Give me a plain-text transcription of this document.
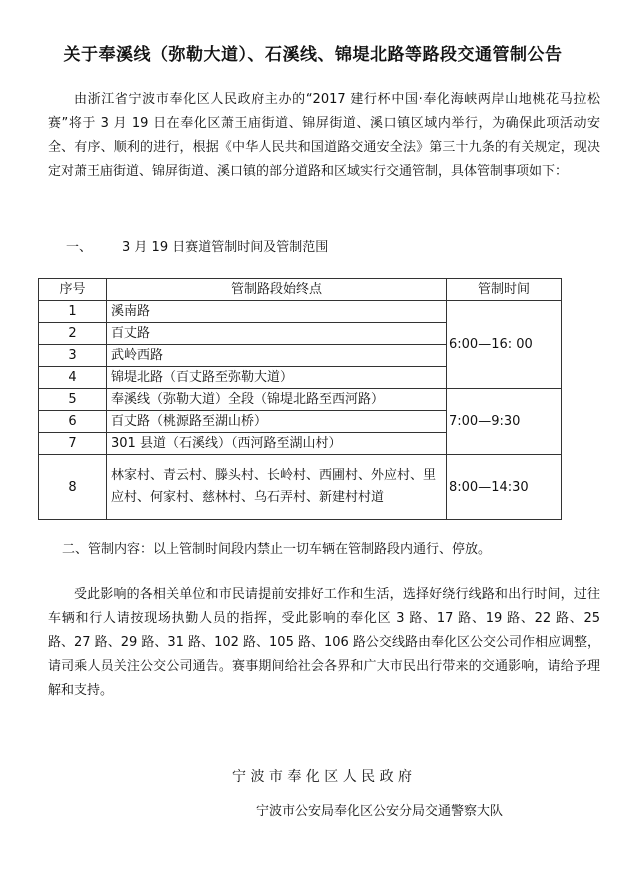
关于奉溪线（弥勒大道）、石溪线、锦堤北路等路段交通管制公告

由浙江省宁波市奉化区人民政府主办的“2017 建行杯中国·奉化海峡两岸山地桃花马拉松赛”将于 3 月 19 日在奉化区萧王庙街道、锦屏街道、溪口镇区域内举行，为确保此项活动安全、有序、顺利的进行，根据《中华人民共和国道路交通安全法》第三十九条的有关规定，现决定对萧王庙街道、锦屏街道、溪口镇的部分道路和区域实行交通管制，具体管制事项如下：

一、 3 月 19 日赛道管制时间及管制范围
序号	管制路段始终点	管制时间
1	溪南路	6:00—16: 00
2	百丈路	
3	武岭西路	
4	锦堤北路（百丈路至弥勒大道）	
5	奉溪线（弥勒大道）全段（锦堤北路至西河路）	7:00—9:30
6	百丈路（桃源路至湖山桥）	
7	301 县道（石溪线）（西河路至湖山村）	
8	林家村、青云村、滕头村、长岭村、西圃村、外应村、里应村、何家村、慈林村、乌石弄村、新建村村道	8:00—14:30
二、管制内容：以上管制时间段内禁止一切车辆在管制路段内通行、停放。

受此影响的各相关单位和市民请提前安排好工作和生活，选择好绕行线路和出行时间，过往车辆和行人请按现场执勤人员的指挥，受此影响的奉化区 3 路、17 路、19 路、22 路、25 路、27 路、29 路、31 路、102 路、105 路、106 路公交线路由奉化区公交公司作相应调整，请司乘人员关注公交公司通告。赛事期间给社会各界和广大市民出行带来的交通影响，请给予理解和支持。

宁 波 市 奉 化 区 人 民 政 府
宁波市公安局奉化区公安分局交通警察大队
